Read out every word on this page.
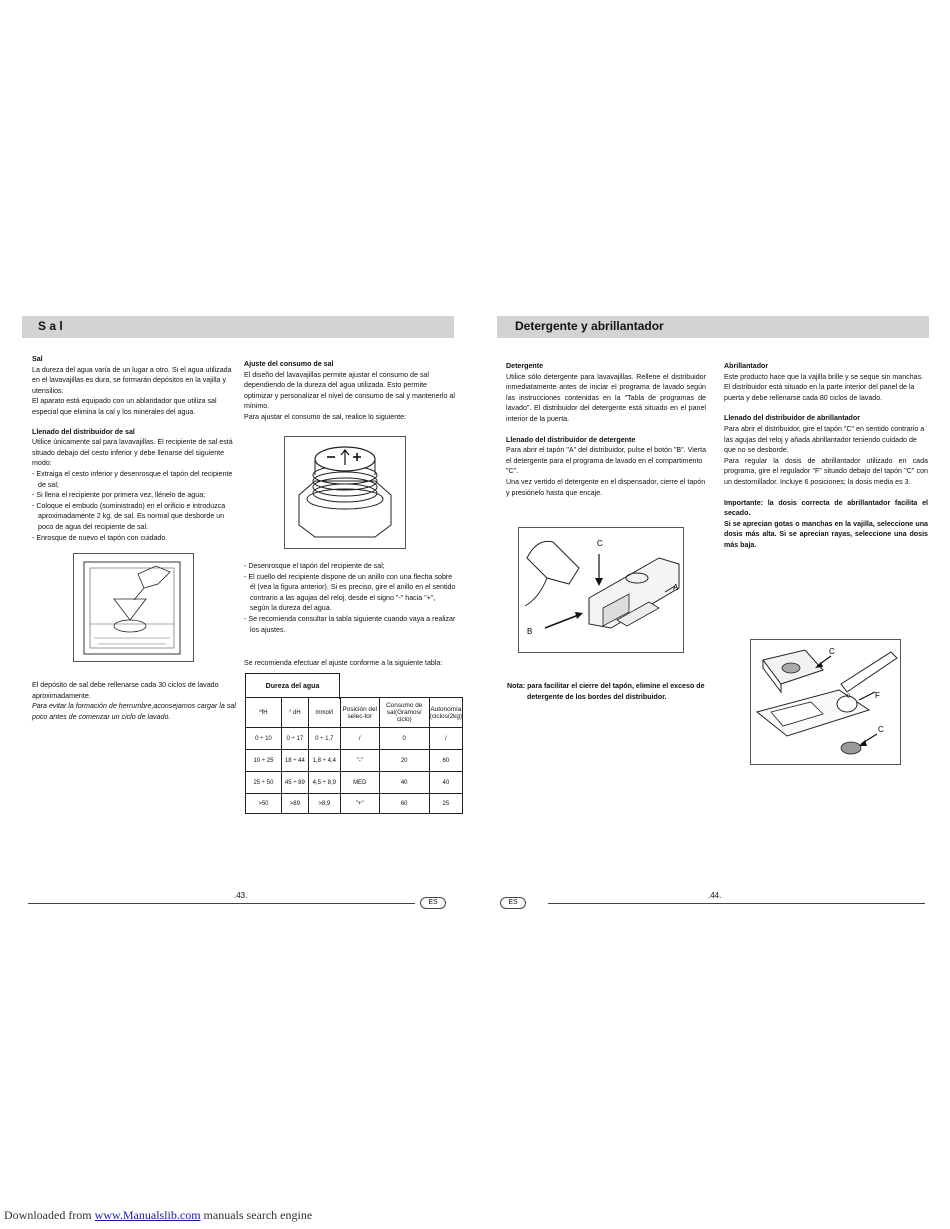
S a l

Sal

La dureza del agua varía de un lugar a otro. Si el agua utilizada en el lavavajillas es dura, se formarán depósitos en la vajilla y utensilios.

El aparato está equipado con un ablandador que utiliza sal especial que elimina la cal y los minerales del agua.

Llenado del distribuidor de sal

Utilice únicamente sal para lavavajillas. El recipiente de sal está situado debajo del cesto inferior y debe llenarse del siguiente modo:

- Extraiga el cesto inferior y desenrosque el tapón del recipiente de sal;

- Si llena el recipiente por primera vez, llénelo de agua;

- Coloque el embudo (suministrado) en el orificio e introduzca aproximadamente 2 kg. de sal. Es normal que desborde un poco de agua del recipiente de sal.

- Enrosque de nuevo el tapón con cuidado.

El depósito de sal debe rellenarse cada 30 ciclos de lavado aproximadamente.

Para evitar la formación de herrumbre,aconsejamos cargar la sal poco antes de comenzar un ciclo de lavado.

Ajuste del consumo de sal

El diseño del lavavajillas permite ajustar el consumo de sal dependiendo de la dureza del agua utilizada. Esto permite optimizar y personalizar el nivel de consumo de sal y mantenerlo al mínimo.

Para ajustar el consumo de sal, realice lo siguiente:

- Desenrosque el tapón del recipiente de sal;

- El cuello del recipiente dispone de un anillo con una flecha sobre él (vea la figura anterior). Si es preciso, gire el anillo en el sentido contrario a las agujas del reloj, desde el signo "-" hacia "+", según la dureza del agua.

- Se recomienda consultar la tabla siguiente cuando vaya a realizar los ajustes.

Se recomienda efectuar el ajuste conforme a la siguiente tabla:
Dureza del agua
ºfH	° dH	mmol/l	Posición del selec-tor	Consumo de sal(Gramos/ ciclo)	Autonomía (ciclos/2kg)
0 ÷ 10	0 ÷ 17	0 ÷ 1,7	/	0	/
10 ÷ 25	18 ÷ 44	1,8 ÷ 4,4	"-"	20	60
25 ÷ 50	45 ÷ 89	4,5 ÷ 8,9	MED	40	40
>50	>89	>8,9	"+"	60	25
.43.
ES
Detergente y abrillantador

Detergente

Utilice sólo detergente para lavavajillas. Rellene el distribuidor inmediatamente antes de iniciar el programa de lavado según las instrucciones contenidas en la "Tabla de programas de lavado". El distribuidor del detergente está situado en el panel interior de la puerta.

Llenado del distribuidor de detergente

Para abrir el tapón "A" del distribuidor, pulse el botón "B". Vierta el detergente para el programa de lavado en el compartimento "C".

Una vez vertido el detergente en el dispensador, cierre el tapón y presiónelo hasta que encaje.

C
A
B
Nota: para facilitar el cierre del tapón, elimine el exceso de detergente de los bordes del distribuidor.

Abrillantador

Este producto hace que la vajilla brille y se seque sin manchas. El distribuidor está situado en la parte interior del panel de la puerta y debe rellenarse cada 80 ciclos de lavado.

Llenado del distribuidor de abrillantador

Para abrir el distribuidor, gire el tapón "C" en sentido contrario a las agujas del reloj y añada abrillantador teniendo cuidado de que no se desborde.

Para regular la dosis de abrillantador utilizado en cada programa, gire el regulador "F" situado debajo del tapón "C" con un destornillador. Incluye 6 posiciones; la dosis media es 3.

Importante: la dosis correcta de abrillantador facilita el secado.

Si se aprecian gotas o manchas en la vajilla, seleccione una dosis más alta. Si se aprecian rayas, seleccione una dosis más baja.

C
F
0
C
ES
.44.
Downloaded from www.Manualslib.com manuals search engine
